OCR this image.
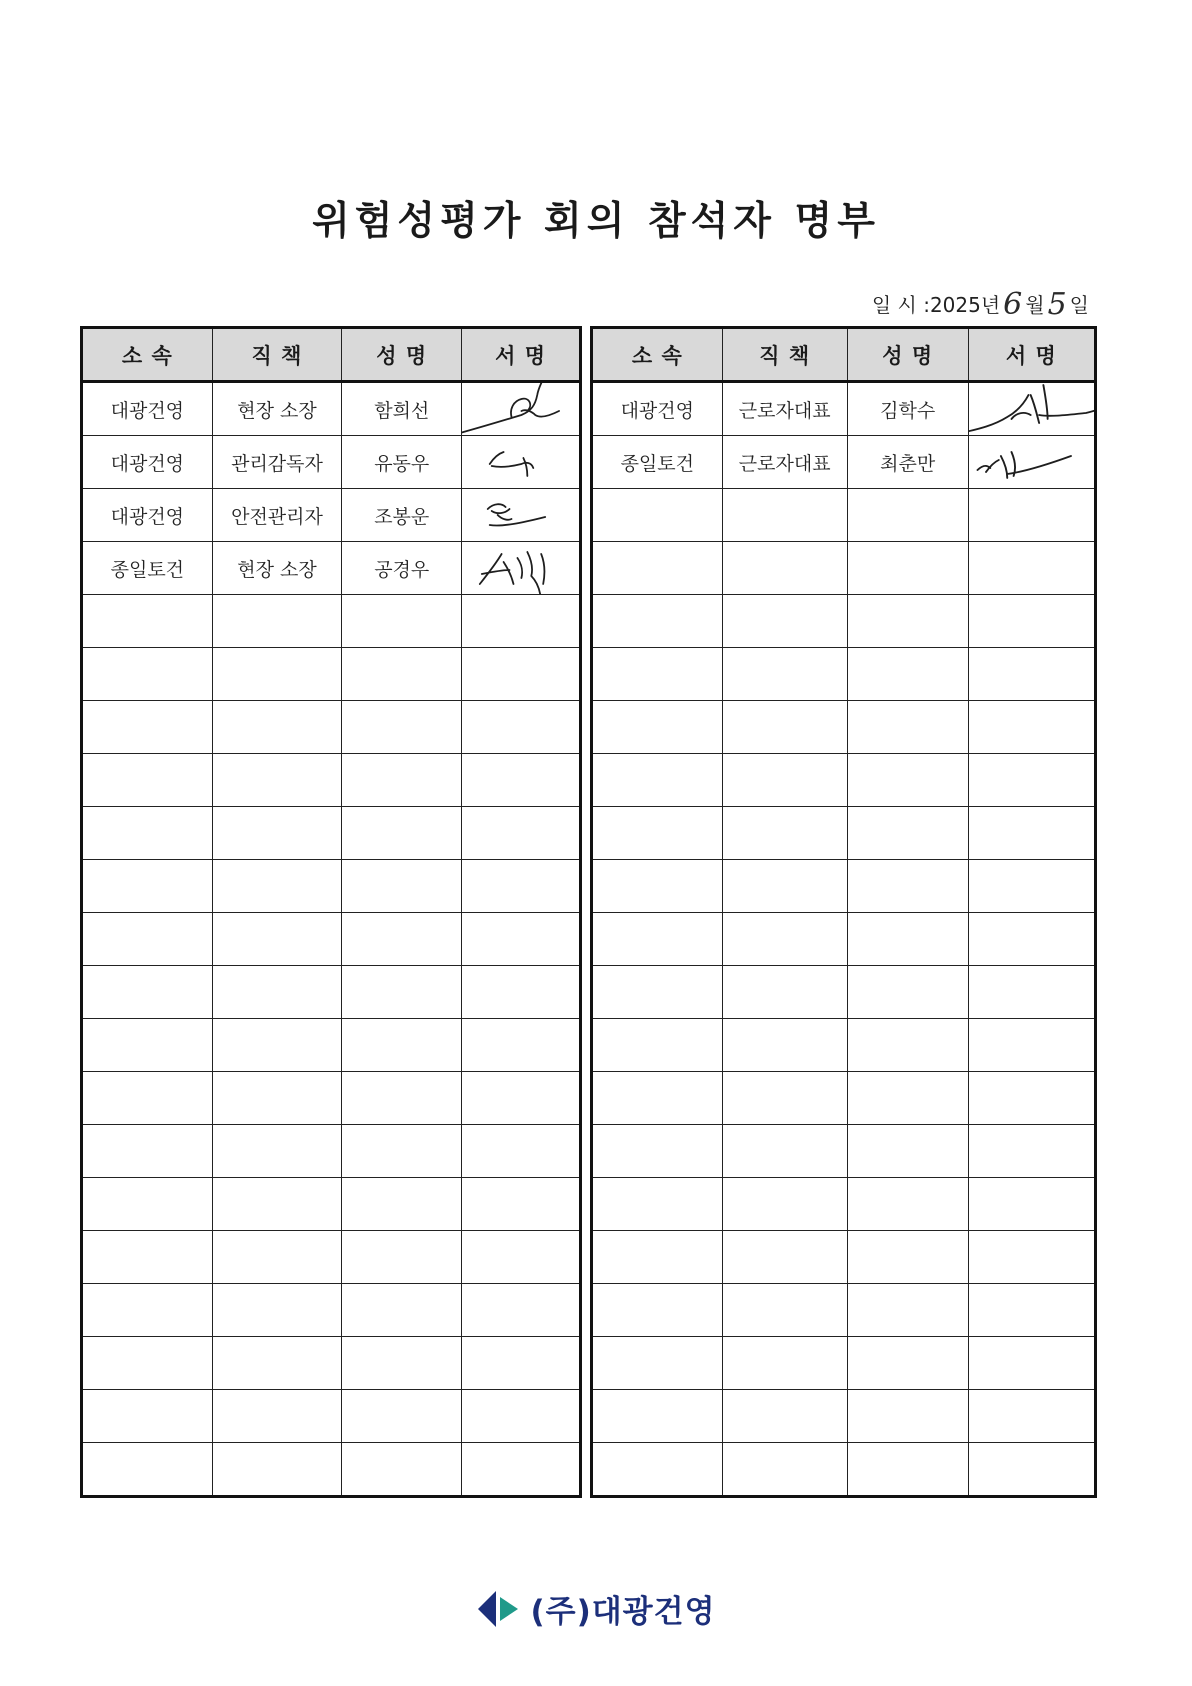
위험성평가 회의 참석자 명부
일 시 : 2025년 6 월 5 일
소 속	직 책	성 명	서 명
대광건영	현장 소장	함희선	

대광건영	관리감독자	유동우	

대광건영	안전관리자	조봉운	

종일토건	현장 소장	공경우	

소 속	직 책	성 명	서 명
대광건영	근로자대표	김학수	

종일토건	근로자대표	최춘만	

(주)대광건영
